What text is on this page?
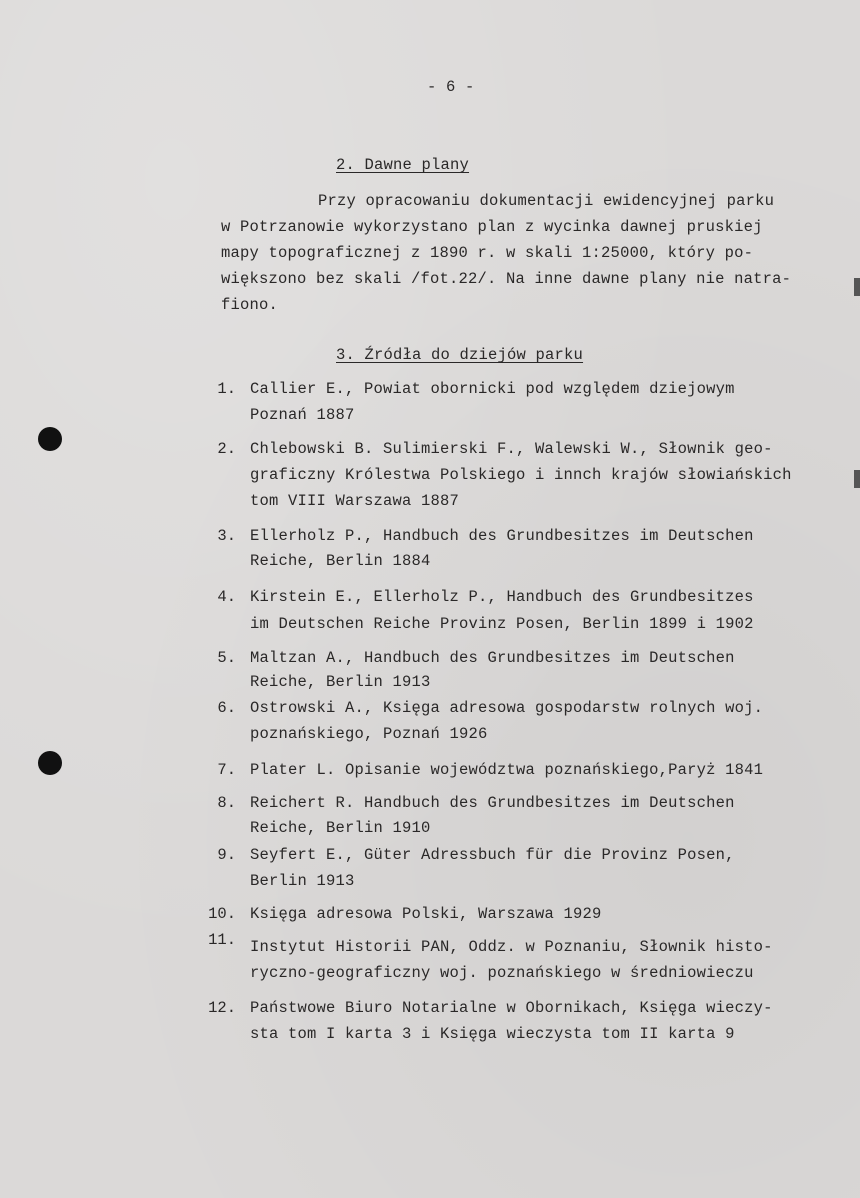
- 6 -
2. Dawne plany
Przy opracowaniu dokumentacji ewidencyjnej parku
w Potrzanowie wykorzystano plan z wycinka dawnej pruskiej
mapy topograficznej z 1890 r. w skali 1:25000, który po-
większono bez skali /fot.22/. Na inne dawne plany nie natra-
fiono.
3. Źródła do dziejów parku
1. Callier E., Powiat obornicki pod względem dziejowym
Poznań 1887
2. Chlebowski B. Sulimierski F., Walewski W., Słownik geo-
graficzny Królestwa Polskiego i innch krajów słowiańskich
tom VIII Warszawa 1887
3. Ellerholz P., Handbuch des Grundbesitzes im Deutschen
Reiche, Berlin 1884
4. Kirstein E., Ellerholz P., Handbuch des Grundbesitzes
im Deutschen Reiche Provinz Posen, Berlin 1899 i 1902
5. Maltzan A., Handbuch des Grundbesitzes im Deutschen
Reiche, Berlin 1913
6. Ostrowski A., Księga adresowa gospodarstw rolnych woj.
poznańskiego, Poznań 1926
7. Plater L. Opisanie województwa poznańskiego,Paryż 1841
8. Reichert R. Handbuch des Grundbesitzes im Deutschen
Reiche, Berlin 1910
9. Seyfert E., Güter Adressbuch für die Provinz Posen,
Berlin 1913
10. Księga adresowa Polski, Warszawa 1929
11. Instytut Historii PAN, Oddz. w Poznaniu, Słownik histo-
ryczno-geograficzny woj. poznańskiego w średniowieczu
12. Państwowe Biuro Notarialne w Obornikach, Księga wieczy-
sta tom I karta 3 i Księga wieczysta tom II karta 9
